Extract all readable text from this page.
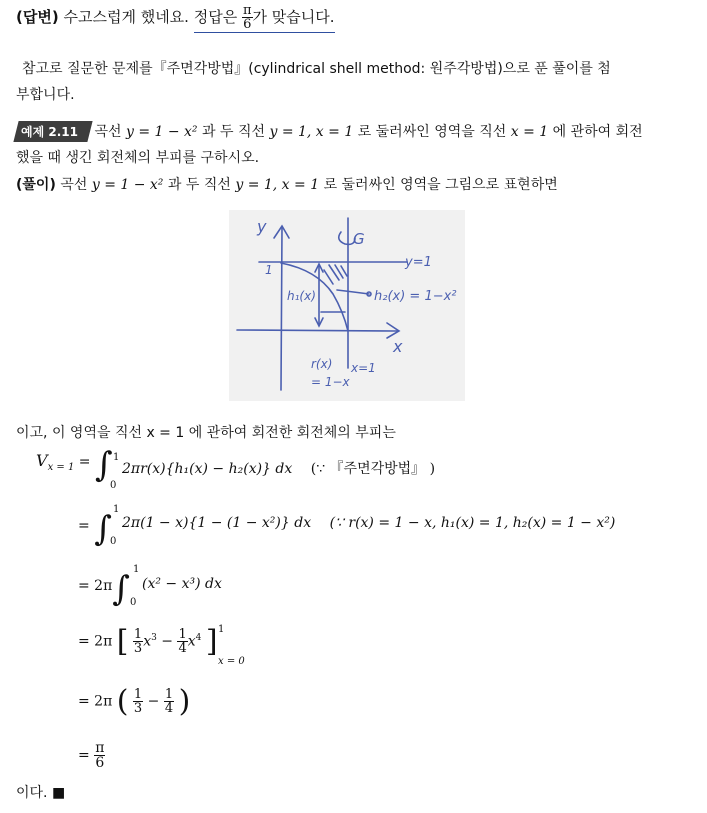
(답변) 수고스럽게 했네요. 정답은 $\frac{\pi}{6}$ 가 맞습니다.
참고로 질문한 문제를『주면각방법』(cylindrical shell method: 원주각방법)으로 푼 풀이를 첨
부합니다.
예제 2.11 곡선 y = 1 − x² 과 두 직선 y = 1, x = 1 로 둘러싸인 영역을 직선 x = 1 에 관하여 회전
했을 때 생긴 회전체의 부피를 구하시오.
(풀이) 곡선 y = 1 − x² 과 두 직선 y = 1, x = 1 로 둘러싸인 영역을 그림으로 표현하면
y
x
G
y=1
1
h₁(x)	h₂(x) = 1−x²
r(x)
= 1−x
x=1
이고, 이 영역을 직선 x = 1 에 관하여 회전한 회전체의 부피는
$V_{x = 1}$ = ∫ 1
0
2πr(x){h₁(x) − h₂(x)} dx (∵ 『주면각방법』 )
= ∫ 1
0
2π(1 − x){1 − (1 − x²)} dx (∵ r(x) = 1 − x, h₁(x) = 1, h₂(x) = 1 − x²)
= 2π∫ 1
0
(x² − x³) dx
= 2π [ $\frac{1}{3} x^3 - \frac{1}{4} x^4$ ] 1
x = 0
= 2π ( $\frac{1}{3} - \frac{1}{4}$ )
= $\frac{\pi}{6}$
이다. ■
